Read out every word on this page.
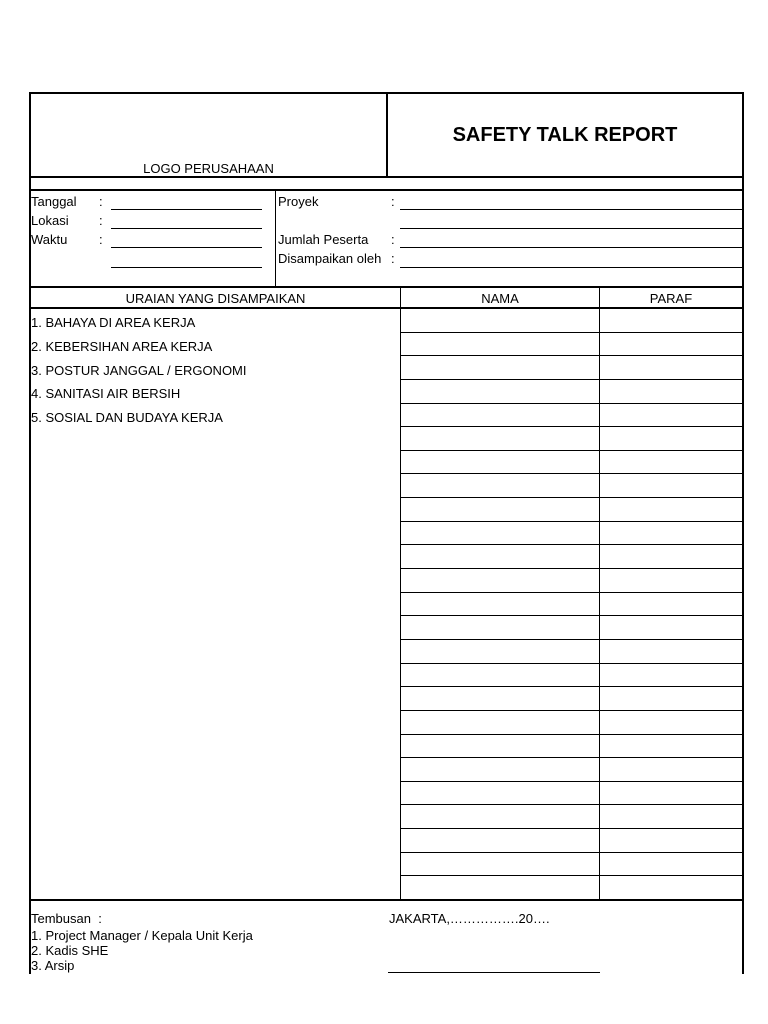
LOGO PERUSAHAAN
SAFETY TALK REPORT
Tanggal :
Lokasi :
Waktu :
Proyek	:
Jumlah Peserta :
Disampaikan oleh :
URAIAN YANG DISAMPAIKAN	NAMA	PARAF
1. BAHAYA DI AREA KERJA
2. KEBERSIHAN AREA KERJA
3. POSTUR JANGGAL / ERGONOMI
4. SANITASI AIR BERSIH
5. SOSIAL DAN BUDAYA KERJA
Tembusan  :
1. Project Manager / Kepala Unit Kerja
2. Kadis SHE
3. Arsip
JAKARTA,…………….20….
